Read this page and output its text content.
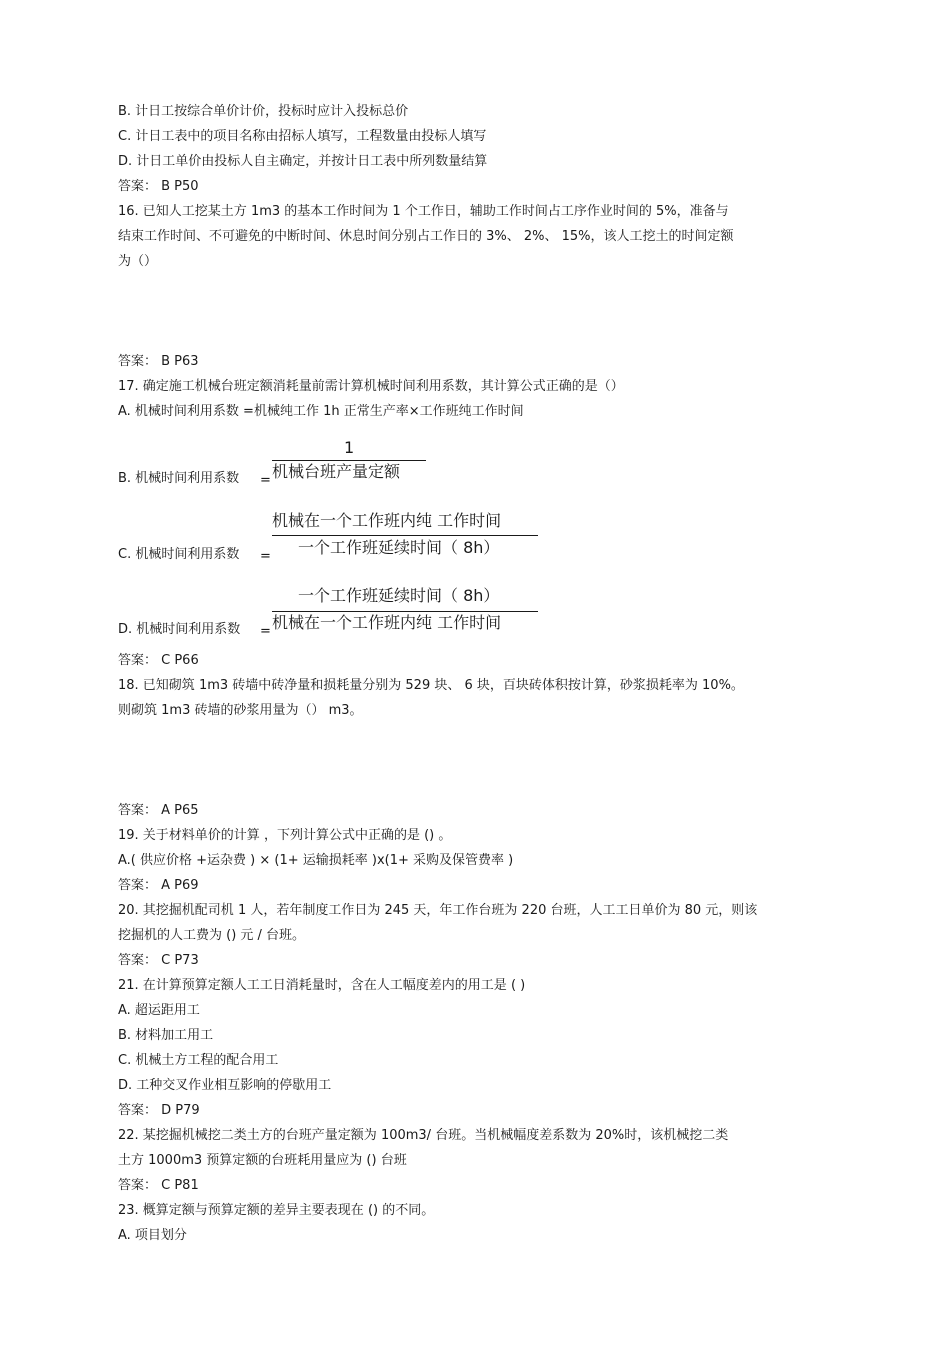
B. 计日工按综合单价计价，投标时应计入投标总价

C. 计日工表中的项目名称由招标人填写，工程数量由投标人填写

D. 计日工单价由投标人自主确定，并按计日工表中所列数量结算

答案： B P50

16. 已知人工挖某土方 1m3 的基本工作时间为 1 个工作日，辅助工作时间占工序作业时间的 5%，准备与

结束工作时间、不可避免的中断时间、休息时间分别占工作日的 3%、 2%、 15%，该人工挖土的时间定额

为（）

答案： B P63

17. 确定施工机械台班定额消耗量前需计算机械时间利用系数，其计算公式正确的是（）

A. 机械时间利用系数 =机械纯工作 1h 正常生产率×工作班纯工作时间

B. 机械时间利用系数 =
1
机械台班产量定额

C. 机械时间利用系数 =
机械在一个工作班内纯 工作时间
一个工作班延续时间（ 8h）

D. 机械时间利用系数 =
一个工作班延续时间（ 8h）
机械在一个工作班内纯 工作时间

答案： C P66

18. 已知砌筑 1m3 砖墙中砖净量和损耗量分别为 529 块、 6 块，百块砖体积按计算，砂浆损耗率为 10%。

则砌筑 1m3 砖墙的砂浆用量为（） m3。

答案： A P65

19. 关于材料单价的计算 ，下列计算公式中正确的是 () 。

A.( 供应价格 +运杂费 ) × (1+ 运输损耗率 )x(1+ 采购及保管费率 )

答案： A P69

20. 其挖掘机配司机 1 人，若年制度工作日为 245 天，年工作台班为 220 台班，人工工日单价为 80 元，则该

挖掘机的人工费为 () 元 / 台班。

答案： C P73

21. 在计算预算定额人工工日消耗量时，含在人工幅度差内的用工是 ( )

A. 超运距用工

B. 材料加工用工

C. 机械土方工程的配合用工

D. 工种交叉作业相互影响的停歇用工

答案： D P79

22. 某挖掘机械挖二类土方的台班产量定额为 100m3/ 台班。当机械幅度差系数为 20%时，该机械挖二类

土方 1000m3 预算定额的台班耗用量应为 () 台班

答案： C P81

23. 概算定额与预算定额的差异主要表现在 () 的不同。

A. 项目划分
